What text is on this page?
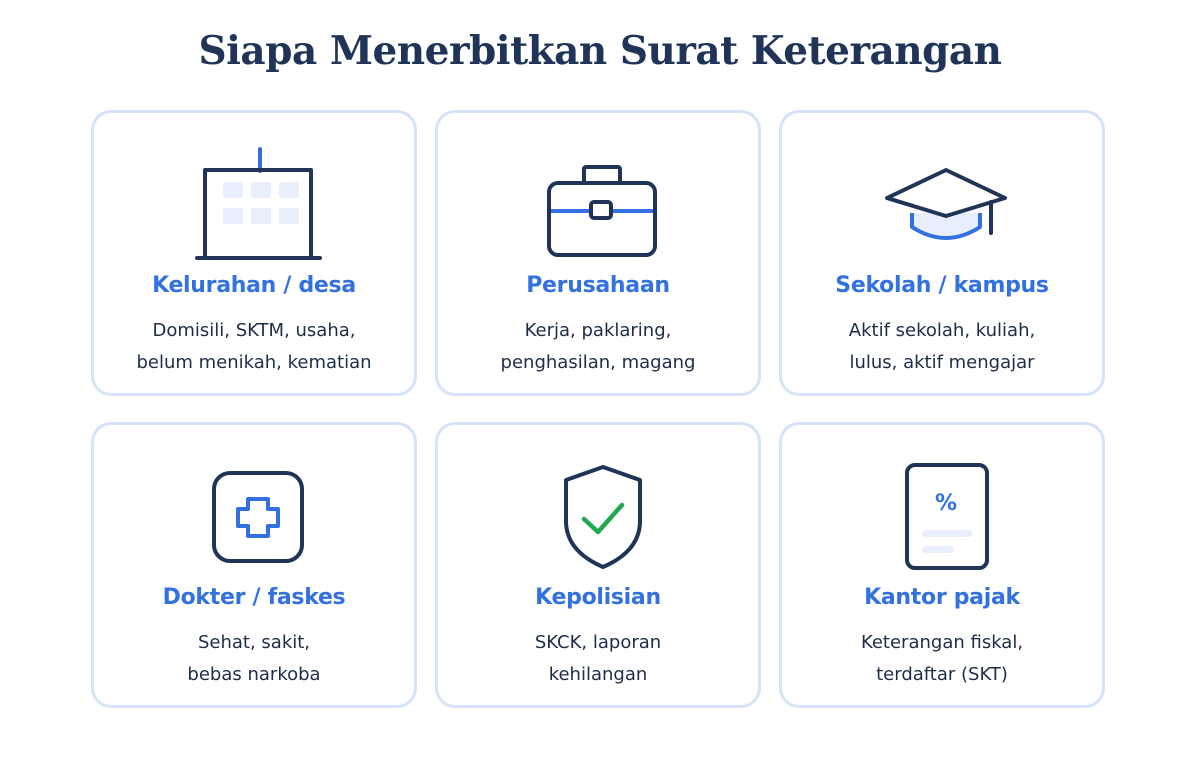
Siapa Menerbitkan Surat Keterangan
Kelurahan / desa
Domisili, SKTM, usaha,
belum menikah, kematian
Perusahaan
Kerja, paklaring,
penghasilan, magang
Sekolah / kampus
Aktif sekolah, kuliah,
lulus, aktif mengajar
Dokter / faskes
Sehat, sakit,
bebas narkoba
Kepolisian
SKCK, laporan
kehilangan
%
Kantor pajak
Keterangan fiskal,
terdaftar (SKT)
